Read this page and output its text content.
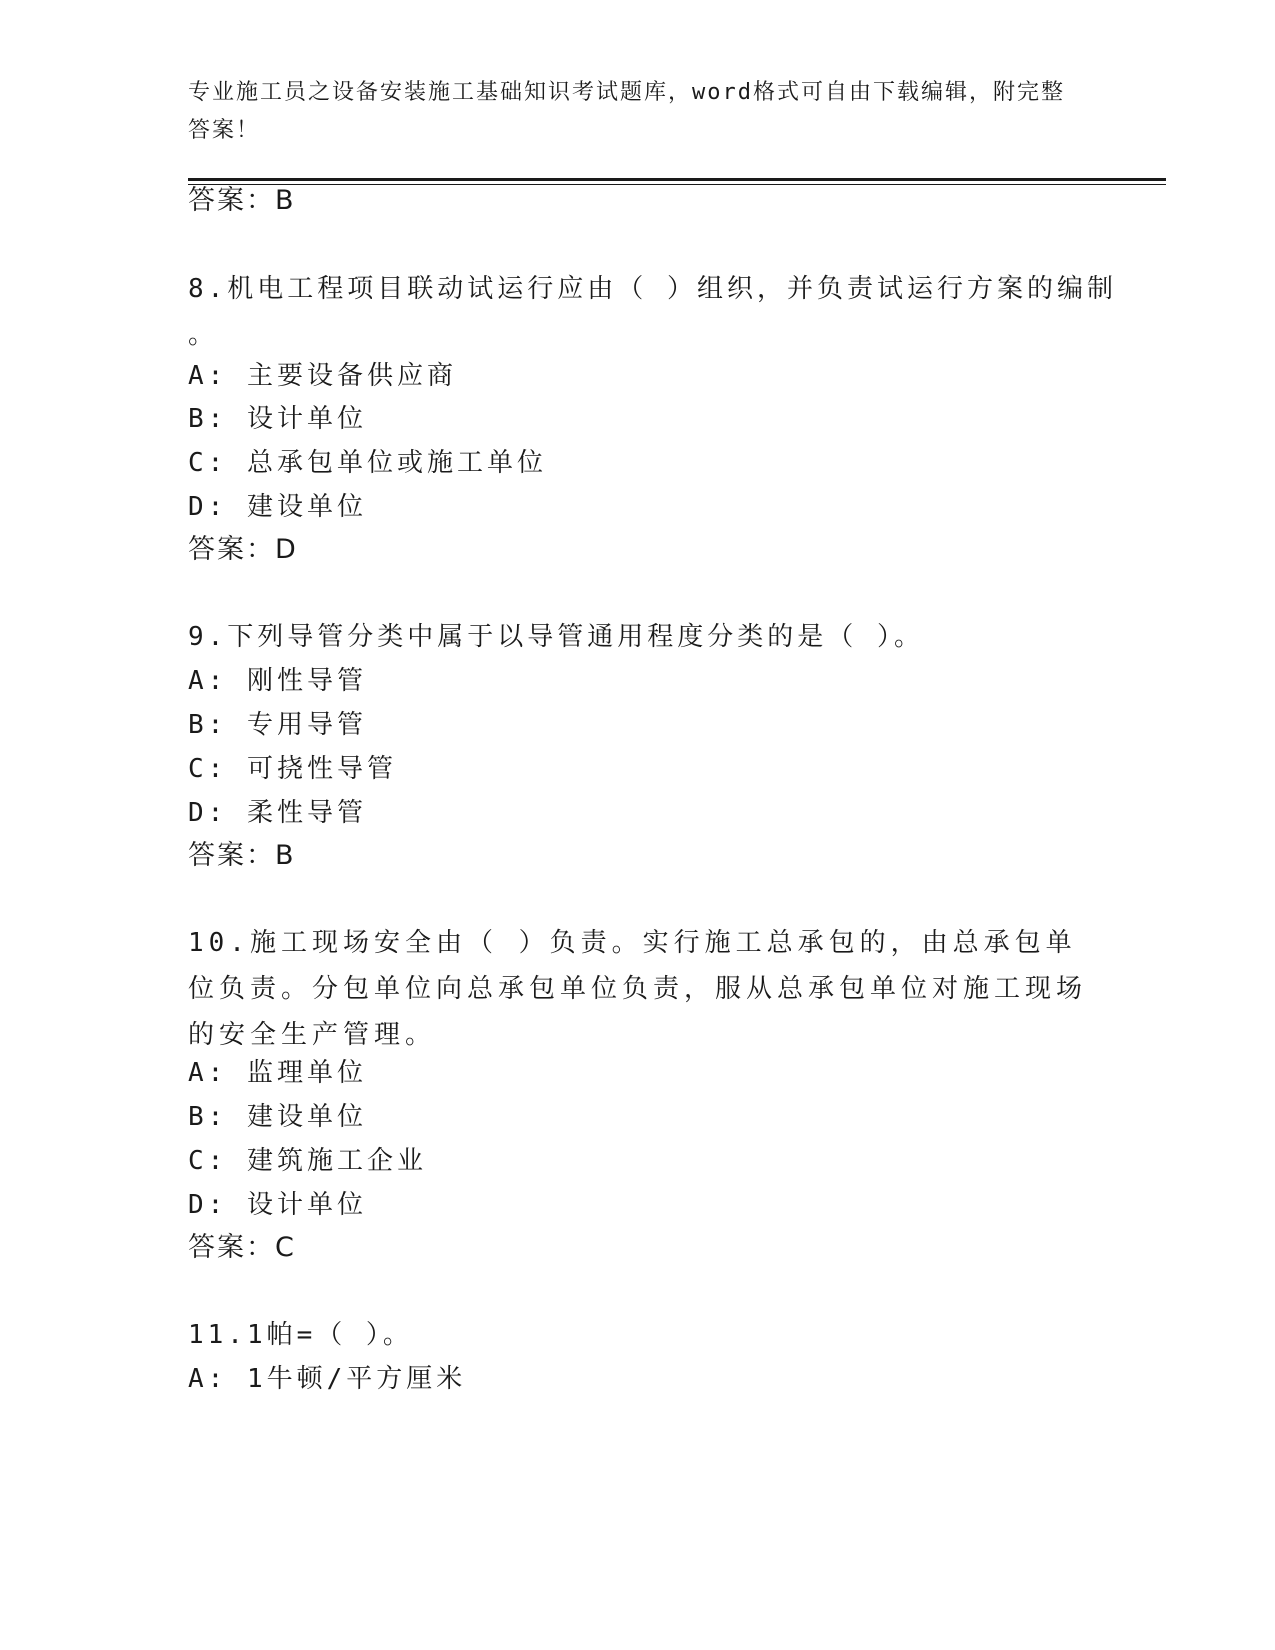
专业施工员之设备安装施工基础知识考试题库，word格式可自由下载编辑，附完整答案！
答案：B
8.机电工程项目联动试运行应由（ ）组织，并负责试运行方案的编制
。
A: 主要设备供应商
B: 设计单位
C: 总承包单位或施工单位
D: 建设单位
答案：D
9.下列导管分类中属于以导管通用程度分类的是（ ）。
A: 刚性导管
B: 专用导管
C: 可挠性导管
D: 柔性导管
答案：B
10.施工现场安全由（ ）负责。实行施工总承包的，由总承包单位负责。分包单位向总承包单位负责，服从总承包单位对施工现场的安全生产管理。
A: 监理单位
B: 建设单位
C: 建筑施工企业
D: 设计单位
答案：C
11.1帕=（ ）。
A: 1牛顿/平方厘米
